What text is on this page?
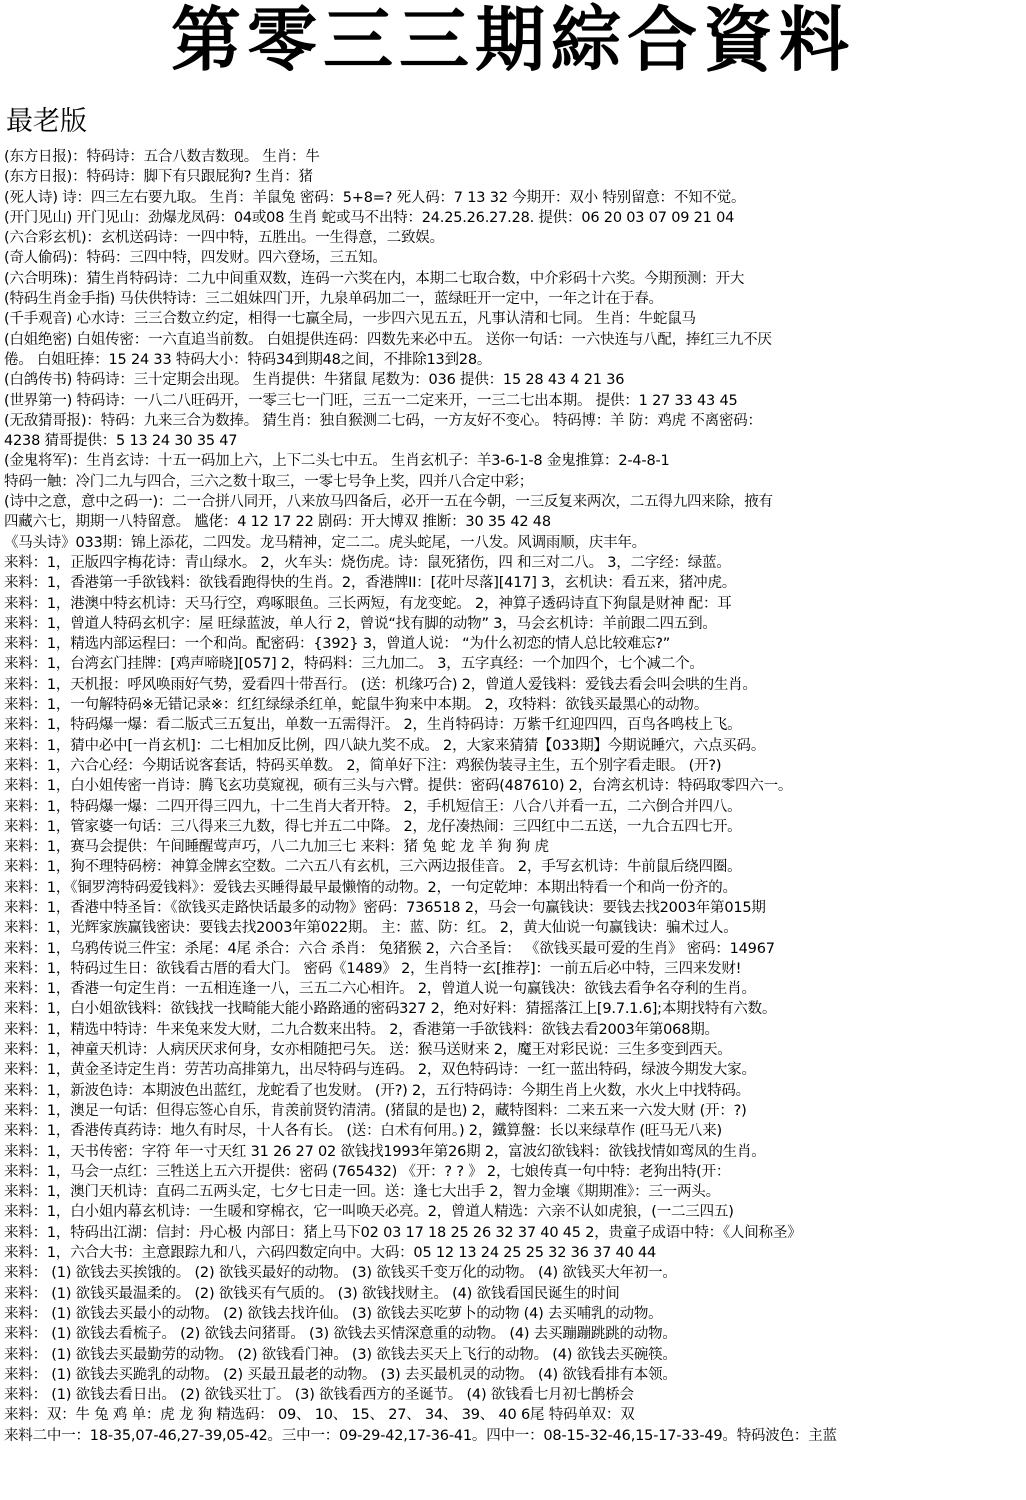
第零三三期綜合資料
最老版
(东方日报)：特码诗：五合八数吉数现。 生肖：牛
(东方日报)：特码诗：脚下有只跟屁狗? 生肖：猪
(死人诗) 诗：四三左右要九取。 生肖：羊鼠兔 密码：5+8=? 死人码：7 13 32 今期开：双小 特别留意：不知不觉。
(开门见山) 开门见山：劲爆龙凤码：04或08 生肖 蛇或马不出特：24.25.26.27.28. 提供：06 20 03 07 09 21 04
(六合彩玄机)：玄机送码诗：一四中特，五胜出。一生得意，二致娱。
(奇人偷码)：特码：三四中特，四发财。四六登场，三五知。
(六合明珠)：猜生肖特码诗：二九中间重双数，连码一六奖在内，本期二七取合数，中介彩码十六奖。今期预测：开大
(特码生肖金手指) 马伕供特诗：三二姐妹四门开，九泉单码加二一，蓝绿旺开一定中，一年之计在于春。
(千手观音) 心水诗：三三合数立约定，相得一七赢全局，一步四六见五五，凡事认清和七同。 生肖：牛蛇鼠马
(白姐绝密) 白姐传密：一六直追当前数。 白姐提供连码：四数先来必中五。 送你一句话：一六快连与八配，捧红三九不厌
倦。 白姐旺捧：15 24 33 特码大小：特码34到期48之间，不排除13到28。
(白鸽传书) 特码诗：三十定期会出现。 生肖提供：牛猪鼠 尾数为：036 提供：15 28 43 4 21 36
(世界第一) 特码诗：一八二八旺码开，一零三七一门旺，三五一二定来开，一三二七出本期。 提供：1 27 33 43 45
(无敌猜哥报)：特码：九来三合为数捧。 猜生肖：独自猴测二七码，一方友好不变心。 特码博：羊 防：鸡虎 不离密码：
4238 猜哥提供：5 13 24 30 35 47
(金鬼将军)：生肖玄诗：十五一码加上六，上下二头七中五。 生肖玄机子：羊3-6-1-8 金鬼推算：2-4-8-1
特码一触：冷门二九与四合，三六之数十取三，一零七号争上奖，四并八合定中彩；
(诗中之意，意中之码一)：二一合拼八同开，八来放马四备后，必开一五在今朝，一三反复来两次，二五得九四来除，掖有
四藏六七，期期一八特留意。 尴佬：4 12 17 22 剧码：开大博双 推断：30 35 42 48
《马头诗》033期：锦上添花，二四发。龙马精神，定二二。虎头蛇尾，一八发。风调雨顺，庆丰年。
来料：1，正版四字梅花诗：青山绿水。 2，火车头：烧伤虎。诗：鼠死猪伤，四 和三对二八。 3，二字经：绿蓝。
来料：1，香港第一手欲钱料：欲钱看跑得快的生肖。2，香港牌II：[花叶尽落][417] 3，玄机诀：看五来，猪冲虎。
来料：1，港澳中特玄机诗：天马行空，鸡啄眼鱼。三长两短，有龙变蛇。 2，神算子透码诗直下狗鼠是财神 配：耳
来料：1，曾道人特码玄机字：屋 旺绿蓝波，单人行 2，曾说“找有脚的动物” 3，马会玄机诗：羊前跟二四五到。
来料：1，精选内部运程曰：一个和尚。配密码：{392} 3，曾道人说： “为什么初恋的情人总比较难忘?”
来料：1，台湾玄门挂牌：[鸡声啼晓][057] 2，特码料：三九加二。 3，五字真经：一个加四个，七个减二个。
来料：1，天机报：呼风唤雨好气势，爱看四十带吾行。 (送：机缘巧合) 2，曾道人爱钱料：爱钱去看会叫会哄的生肖。
来料：1，一句解特码※无错记录※：红红绿绿杀红单，蛇鼠牛狗来中本期。 2，攻特料：欲钱买最黑心的动物。
来料：1，特码爆一爆：看二版式三五复出，单数一五需得汗。 2，生肖特码诗：万紫千红迎四四，百鸟各鸣枝上飞。
来料：1，猜中必中[一肖玄机]：二七相加反比例，四八缺九奖不成。 2，大家来猜猜【033期】今期说睡穴，六点买码。
来料：1，六合心经：今期话说客套话，特码买单数。 2，简单好下注：鸡猴伪装寻主生，五个别字看走眼。 (开?)
来料：1，白小姐传密一肖诗：腾飞玄功莫窥视，硕有三头与六臂。提供：密码(487610) 2，台湾玄机诗：特码取零四六一。
来料：1，特码爆一爆：二四开得三四九，十二生肖大者开特。 2，手机短信王：八合八并看一五，二六倒合并四八。
来料：1，管家婆一句话：三八得来三九数，得七并五二中降。 2，龙仔凑热闹：三四红中二五送，一九合五四七开。
来料：1，赛马会提供：午间睡醒莺声巧，八二九加三七 来料：猪 兔 蛇 龙 羊 狗 狗 虎
来料：1，狗不理特码榜：神算金牌玄空数。二六五八有玄机，三六两边报佳音。 2，手写玄机诗：牛前鼠后绕四圈。
来料：1，《铜罗湾特码爱钱料》：爱钱去买睡得最早最懒惰的动物。2，一句定乾坤：本期出特看一个和尚一份齐的。
来料：1，香港中特圣旨：《欲钱买走路快话最多的动物》密码：736518 2，马会一句赢钱诀：要钱去找2003年第015期
来料：1，光辉家族赢钱密诀：要钱去找2003年第022期。 主：蓝、防：红。 2，黄大仙说一句赢钱诀：骗术过人。
来料：1，乌鸦传说三件宝：杀尾：4尾 杀合：六合 杀肖： 兔猪猴 2，六合圣旨： 《欲钱买最可爱的生肖》 密码：14967
来料：1，特码过生日：欲钱看古厝的看大门。 密码《1489》 2，生肖特一玄[推荐]：一前五后必中特，三四来发财!
来料：1，香港一句定生肖：一五相连逢一八，三五二六心相许。 2，曾道人说一句赢钱决：欲钱去看争名夺利的生肖。
来料：1，白小姐欲钱料：欲钱找一找畸能大能小路路通的密码327 2，绝对好料：猜摇落江上[9.7.1.6];本期找特有六数。
来料：1，精选中特诗：牛来兔来发大财，二九合数来出特。 2，香港第一手欲钱料：欲钱去看2003年第068期。
来料：1，神童天机诗：人病厌厌求何身，女亦相随把弓矢。 送：猴马送财来 2，魔王对彩民说：三生多变到西天。
来料：1，黄金圣诗定生肖：劳苦功高排第九，出尽特码与连码。 2，双色特码诗：一红一蓝出特码，绿波今期发大家。
来料：1，新波色诗：本期波色出蓝红，龙蛇看了也发财。 (开?) 2，五行特码诗：今期生肖上火数，水火上中找特码。
来料：1，澳足一句话：但得忘签心自乐，肯羡前贤钓清淸。(猪鼠的是也) 2，藏特图料：二来五来一六发大财 (开：?)
来料：1，香港传真药诗：地久有时尽，十人各有长。 (送：白术有何用。) 2，鐵算盤：长以来绿草作 (旺马无八来)
来料：1，天书传密：字符 年一寸天红 31 26 27 02 欲钱找1993年第26期 2，富波幻欲钱料：欲钱找情如鸾凤的生肖。
来料：1，马会一点红：三牲送上五六开提供：密码 (765432) 《开：? ? 》 2，七娘传真一句中特：老狗出特(开：
来料：1，澳门天机诗：直码二五两头定，七夕七日走一回。送：逢七大出手 2，智力金壤《期期准》：三一两头。
来料：1，白小姐内幕玄机诗：一生暖和穿棉衣，它一叫唤天必亮。2，曾道人精选：六亲不认如虎狼，(一二三四五)
来料：1，特码出江湖：信封：丹心极 内部日：猪上马下02 03 17 18 25 26 32 37 40 45 2，贵童子成语中特：《人间称圣》
来料：1，六合大书：主意跟踪九和八，六码四数定向中。大码：05 12 13 24 25 25 32 36 37 40 44
来料： (1) 欲钱去买挨饿的。 (2) 欲钱买最好的动物。 (3) 欲钱买千变万化的动物。 (4) 欲钱买大年初一。
来料： (1) 欲钱买最温柔的。 (2) 欲钱买有气质的。 (3) 欲钱找财主。 (4) 欲钱看国民诞生的时间
来料： (1) 欲钱去买最小的动物。 (2) 欲钱去找许仙。 (3) 欲钱去买吃萝卜的动物 (4) 去买哺乳的动物。
来料： (1) 欲钱去看梳子。 (2) 欲钱去问猪哥。 (3) 欲钱去买情深意重的动物。 (4) 去买蹦蹦跳跳的动物。
来料： (1) 欲钱去买最勤劳的动物。 (2) 欲钱看门神。 (3) 欲钱去买天上飞行的动物。 (4) 欲钱去买碗筷。
来料： (1) 欲钱去买跪乳的动物。 (2) 买最丑最老的动物。 (3) 去买最机灵的动物。 (4) 欲钱看排有本领。
来料： (1) 欲钱去看日出。 (2) 欲钱买壮丁。 (3) 欲钱看西方的圣诞节。 (4) 欲钱看七月初七鹊桥会
来料：双：牛 兔 鸡 单：虎 龙 狗 精选码： 09、 10、 15、 27、 34、 39、 40 6尾 特码单双：双
来料二中一：18-35,07-46,27-39,05-42。三中一：09-29-42,17-36-41。四中一：08-15-32-46,15-17-33-49。特码波色：主蓝
